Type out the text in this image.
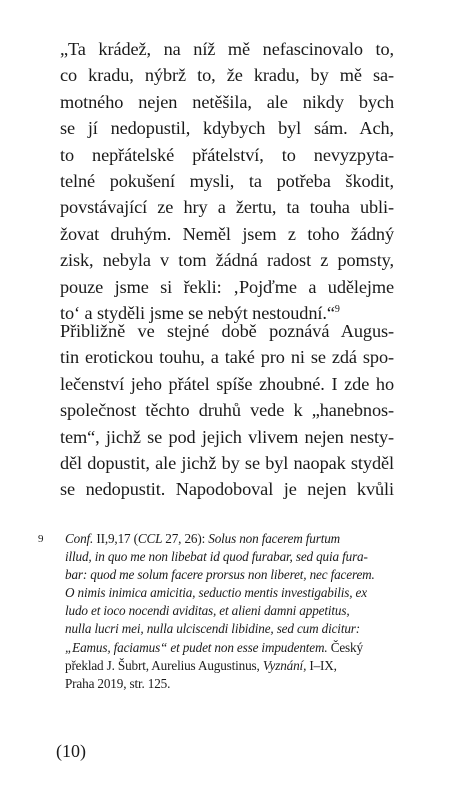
„Ta krádež, na níž mě nefascinovalo to,
co kradu, nýbrž to, že kradu, by mě sa-
motného nejen netěšila, ale nikdy bych
se jí nedopustil, kdybych byl sám. Ach,
to nepřátelské přátelství, to nevyzpyta-
telné pokušení mysli, ta potřeba škodit,
povstávající ze hry a žertu, ta touha ubli-
žovat druhým. Neměl jsem z toho žádný
zisk, nebyla v tom žádná radost z pomsty,
pouze jsme si řekli: ‚Pojďme a udělejme
to‘ a styděli jsme se nebýt nestoudní.“$^9$
Přibližně ve stejné době poznává Augus-
tin erotickou touhu, a také pro ni se zdá spo-
lečenství jeho přátel spíše zhoubné. I zde ho
společnost těchto druhů vede k „hanebnos-
tem“, jichž se pod jejich vlivem nejen nesty-
děl dopustit, ale jichž by se byl naopak styděl
se nedopustit. Napodoboval je nejen kvůli
9 Conf. II,9,17 (CCL 27, 26): Solus non facerem furtum
illud, in quo me non libebat id quod furabar, sed quia fura-
bar: quod me solum facere prorsus non liberet, nec facerem.
O nimis inimica amicitia, seductio mentis investigabilis, ex
ludo et ioco nocendi aviditas, et alieni damni appetitus,
nulla lucri mei, nulla ulciscendi libidine, sed cum dicitur:
„Eamus, faciamus“ et pudet non esse impudentem. Český
překlad J. Šubrt, Aurelius Augustinus, Vyznání, I–IX,
Praha 2019, str. 125.
(10)
